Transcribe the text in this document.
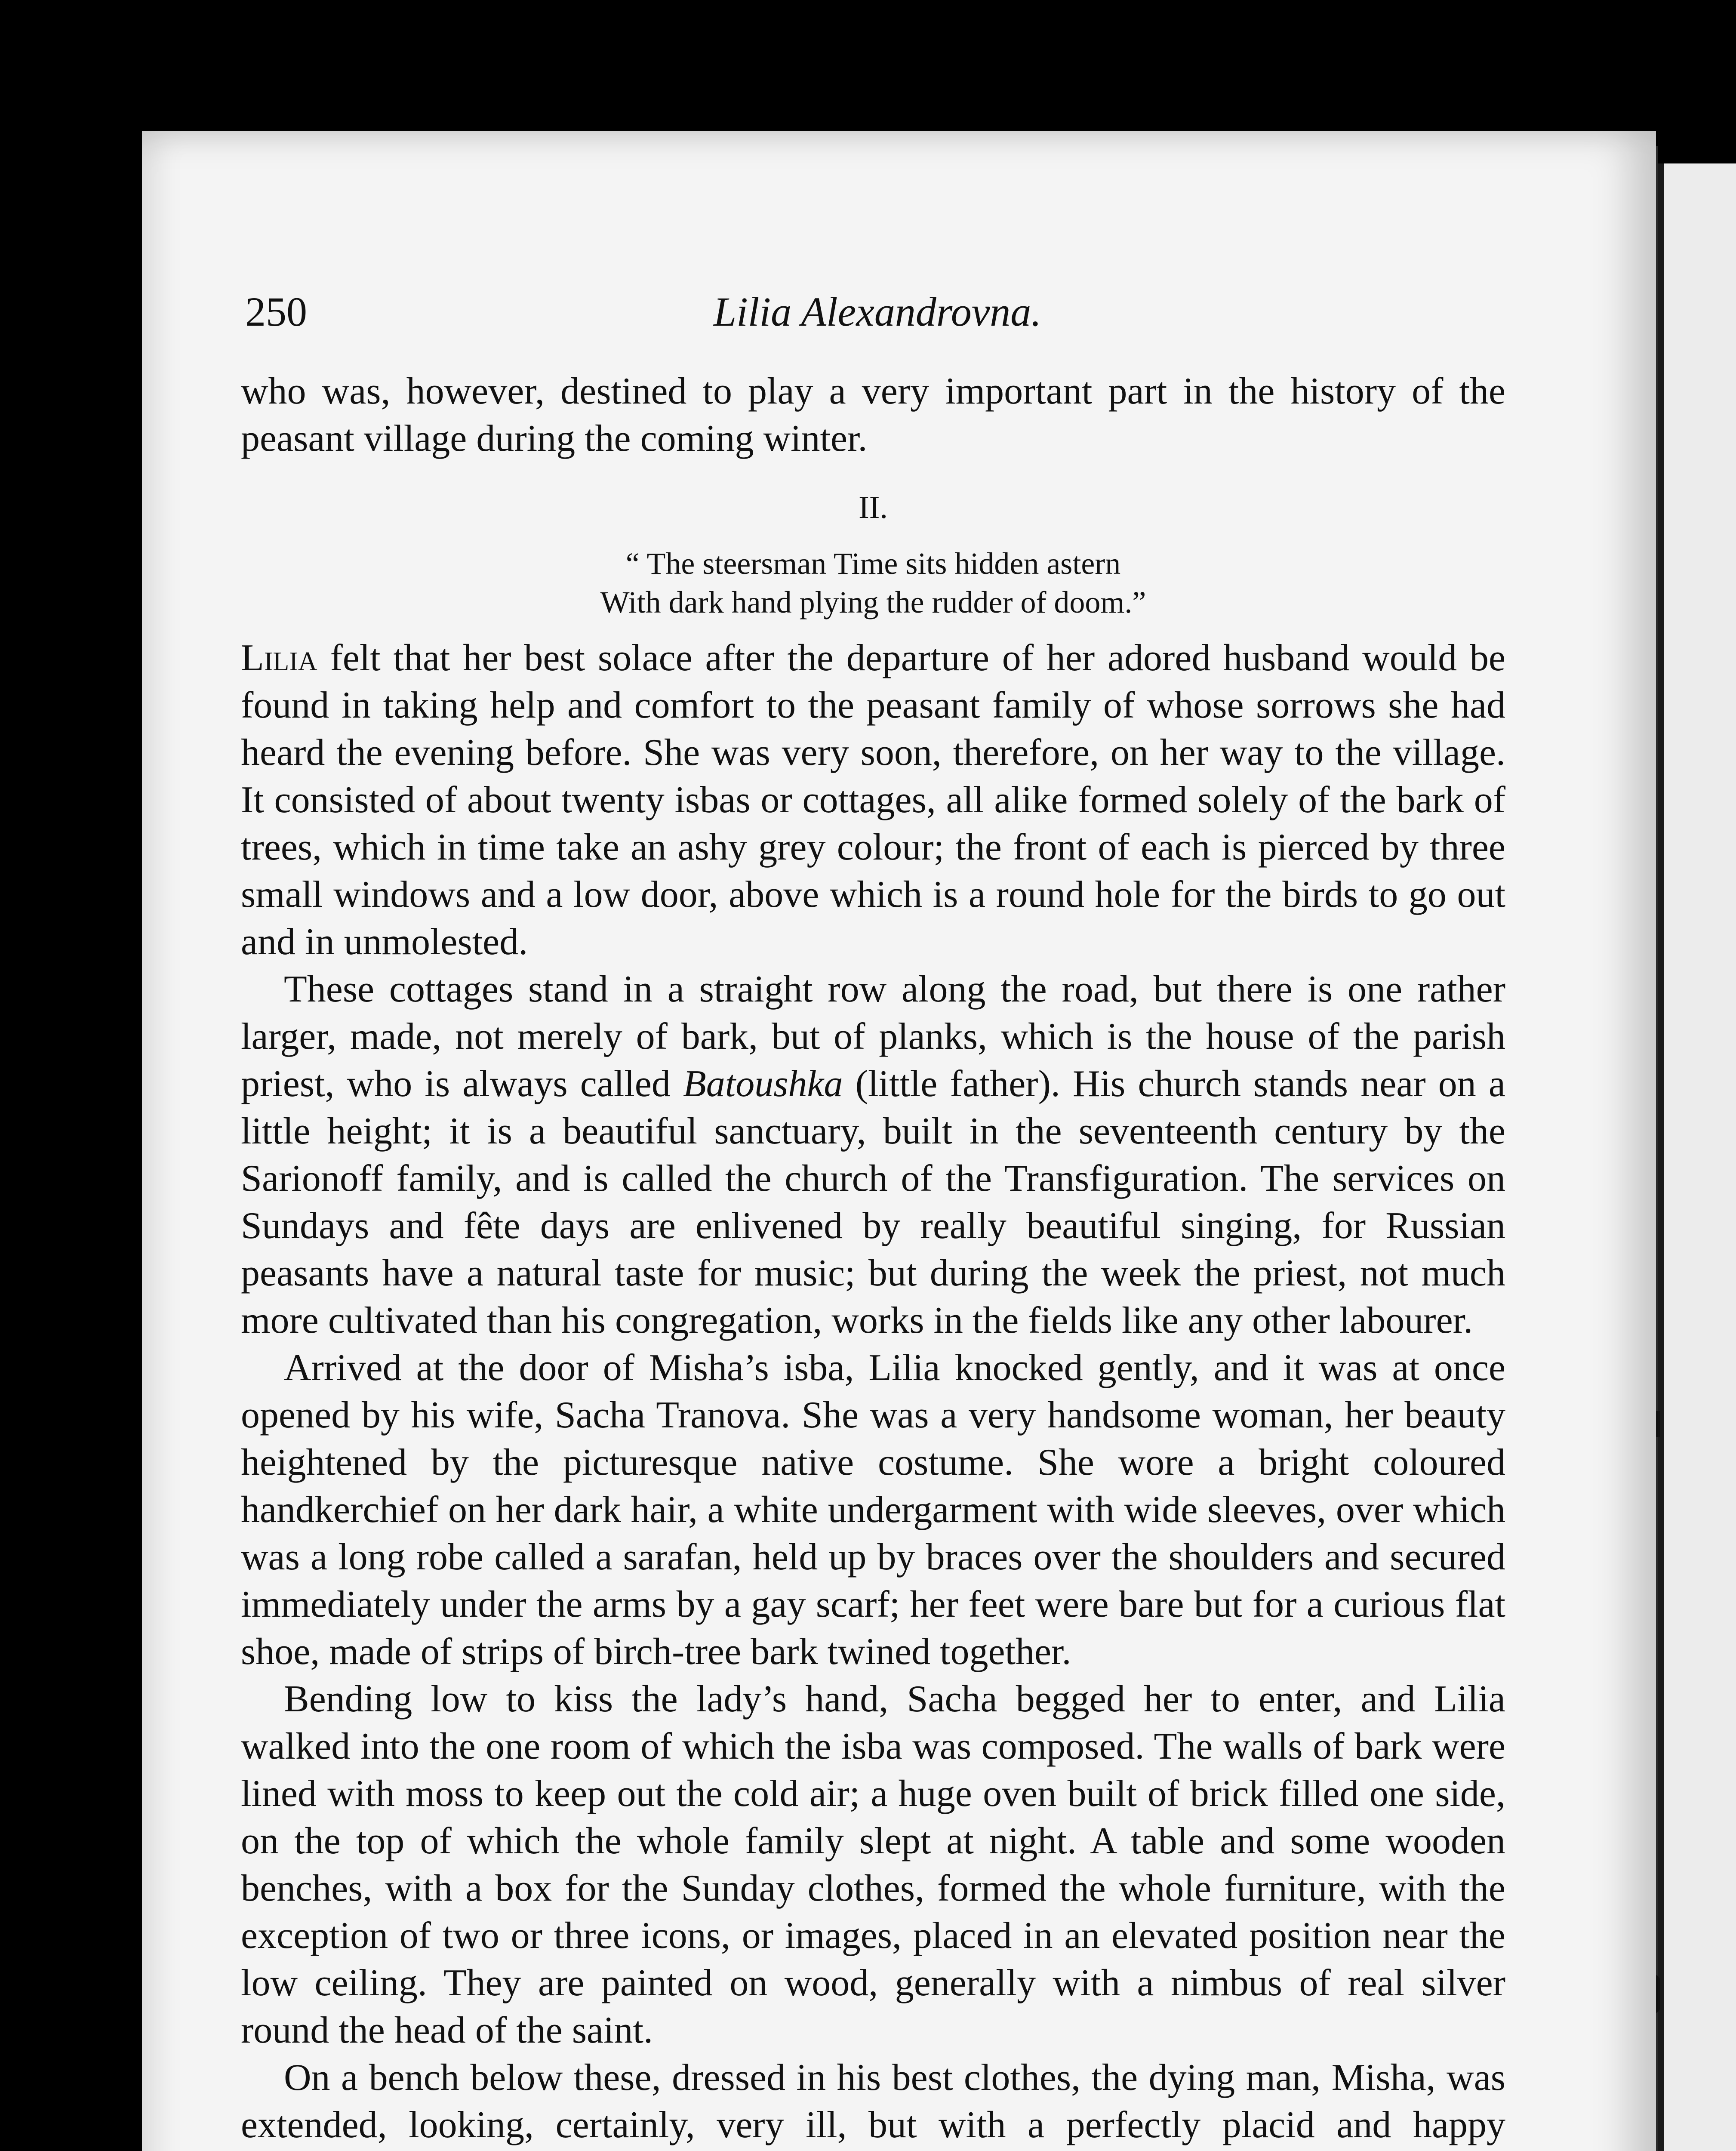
250	Lilia Alexandrovna.

who was, however, destined to play a very important part in the history of the peasant village during the coming winter.

II.
“ The steersman Time sits hidden astern
With dark hand plying the rudder of doom.”

Lilia felt that her best solace after the departure of her adored husband would be found in taking help and comfort to the peasant family of whose sorrows she had heard the evening before. She was very soon, therefore, on her way to the village. It consisted of about twenty isbas or cottages, all alike formed solely of the bark of trees, which in time take an ashy grey colour; the front of each is pierced by three small windows and a low door, above which is a round hole for the birds to go out and in unmolested.

These cottages stand in a straight row along the road, but there is one rather larger, made, not merely of bark, but of planks, which is the house of the parish priest, who is always called Batoushka (little father). His church stands near on a little height; it is a beautiful sanctuary, built in the seventeenth century by the Sarionoff family, and is called the church of the Transfiguration. The services on Sundays and fête days are enlivened by really beautiful singing, for Russian peasants have a natural taste for music; but during the week the priest, not much more cultivated than his congregation, works in the fields like any other labourer.

Arrived at the door of Misha’s isba, Lilia knocked gently, and it was at once opened by his wife, Sacha Tranova. She was a very handsome woman, her beauty heightened by the picturesque native costume. She wore a bright coloured handkerchief on her dark hair, a white undergarment with wide sleeves, over which was a long robe called a sarafan, held up by braces over the shoulders and secured immediately under the arms by a gay scarf; her feet were bare but for a curious flat shoe, made of strips of birch-tree bark twined together.

Bending low to kiss the lady’s hand, Sacha begged her to enter, and Lilia walked into the one room of which the isba was composed. The walls of bark were lined with moss to keep out the cold air; a huge oven built of brick filled one side, on the top of which the whole family slept at night. A table and some wooden benches, with a box for the Sunday clothes, formed the whole furniture, with the exception of two or three icons, or images, placed in an elevated position near the low ceiling. They are painted on wood, generally with a nimbus of real silver round the head of the saint.

On a bench below these, dressed in his best clothes, the dying man, Misha, was extended, looking, certainly, very ill, but with a perfectly placid and happy
